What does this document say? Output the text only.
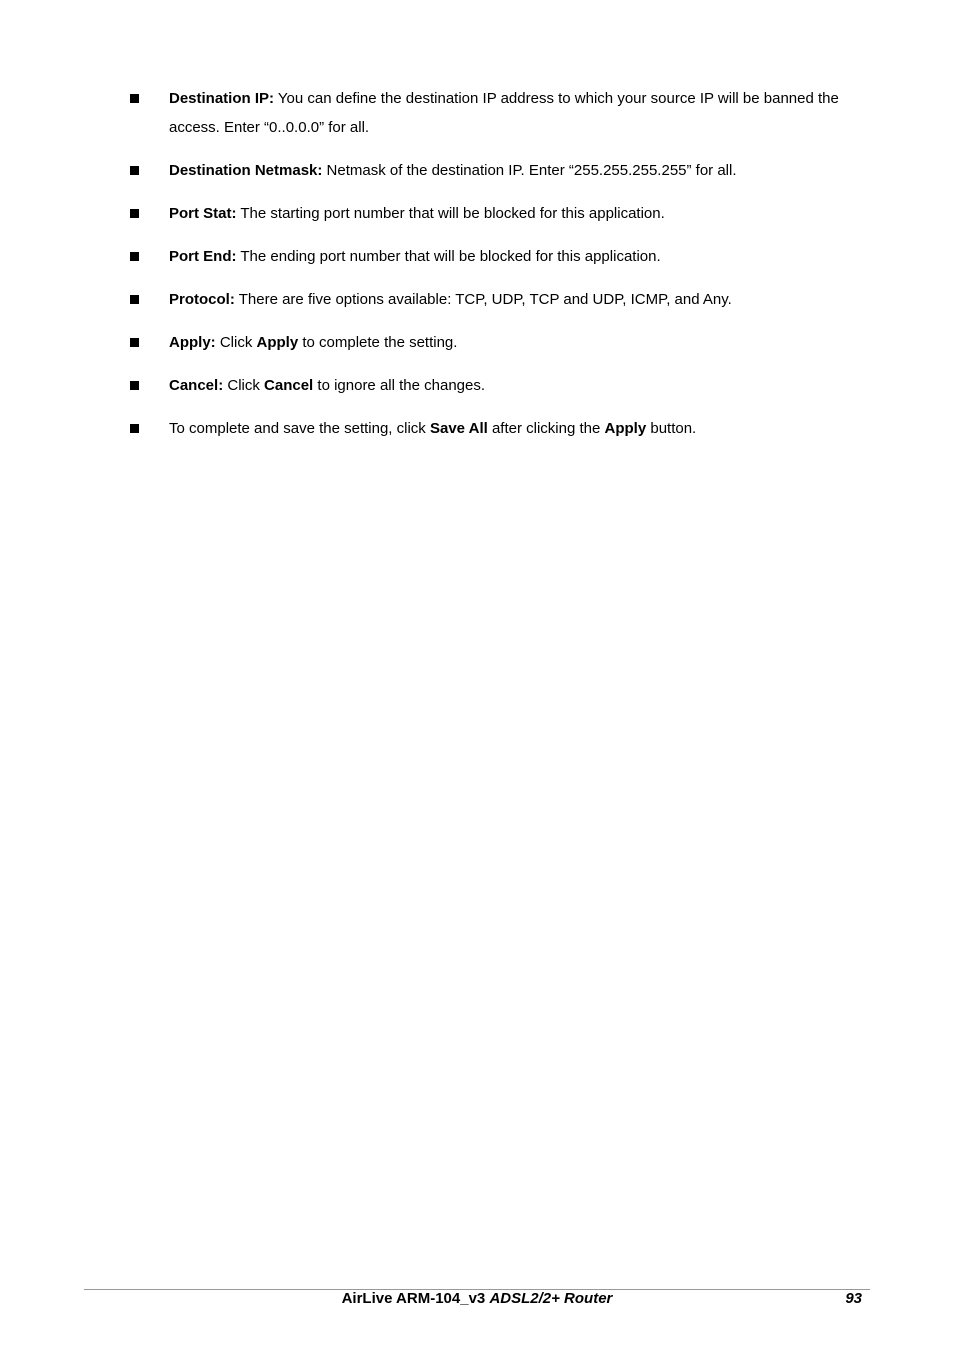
Destination IP: You can define the destination IP address to which your source IP will be banned the access. Enter “0..0.0.0” for all.
Destination Netmask: Netmask of the destination IP. Enter “255.255.255.255” for all.
Port Stat: The starting port number that will be blocked for this application.
Port End: The ending port number that will be blocked for this application.
Protocol: There are five options available: TCP, UDP, TCP and UDP, ICMP, and Any.
Apply: Click Apply to complete the setting.
Cancel: Click Cancel to ignore all the changes.
To complete and save the setting, click Save All after clicking the Apply button.
AirLive ARM-104_v3 ADSL2/2+ Router	93
